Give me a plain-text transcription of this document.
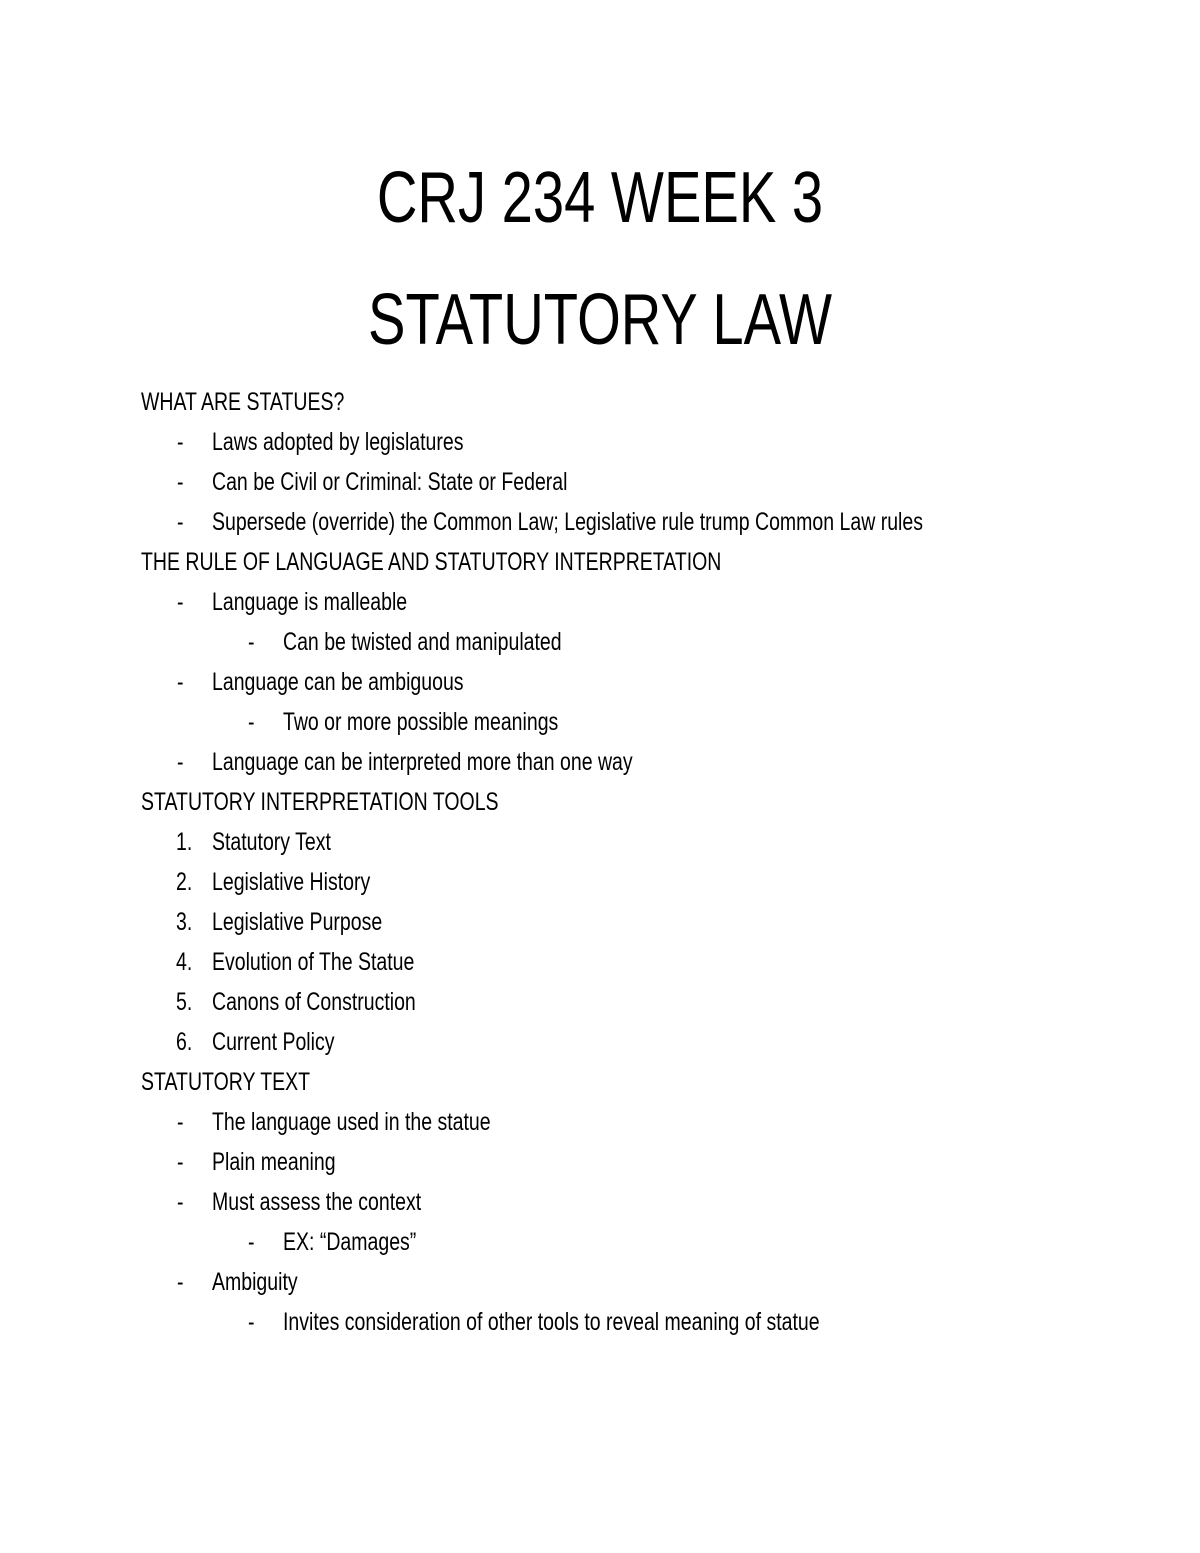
CRJ 234 WEEK 3
STATUTORY LAW
WHAT ARE STATUES?
- Laws adopted by legislatures
- Can be Civil or Criminal: State or Federal
- Supersede (override) the Common Law; Legislative rule trump Common Law rules
THE RULE OF LANGUAGE AND STATUTORY INTERPRETATION
- Language is malleable
- Can be twisted and manipulated
- Language can be ambiguous
- Two or more possible meanings
- Language can be interpreted more than one way
STATUTORY INTERPRETATION TOOLS
1. Statutory Text
2. Legislative History
3. Legislative Purpose
4. Evolution of The Statue
5. Canons of Construction
6. Current Policy
STATUTORY TEXT
- The language used in the statue
- Plain meaning
- Must assess the context
- EX: “Damages”
- Ambiguity
- Invites consideration of other tools to reveal meaning of statue
